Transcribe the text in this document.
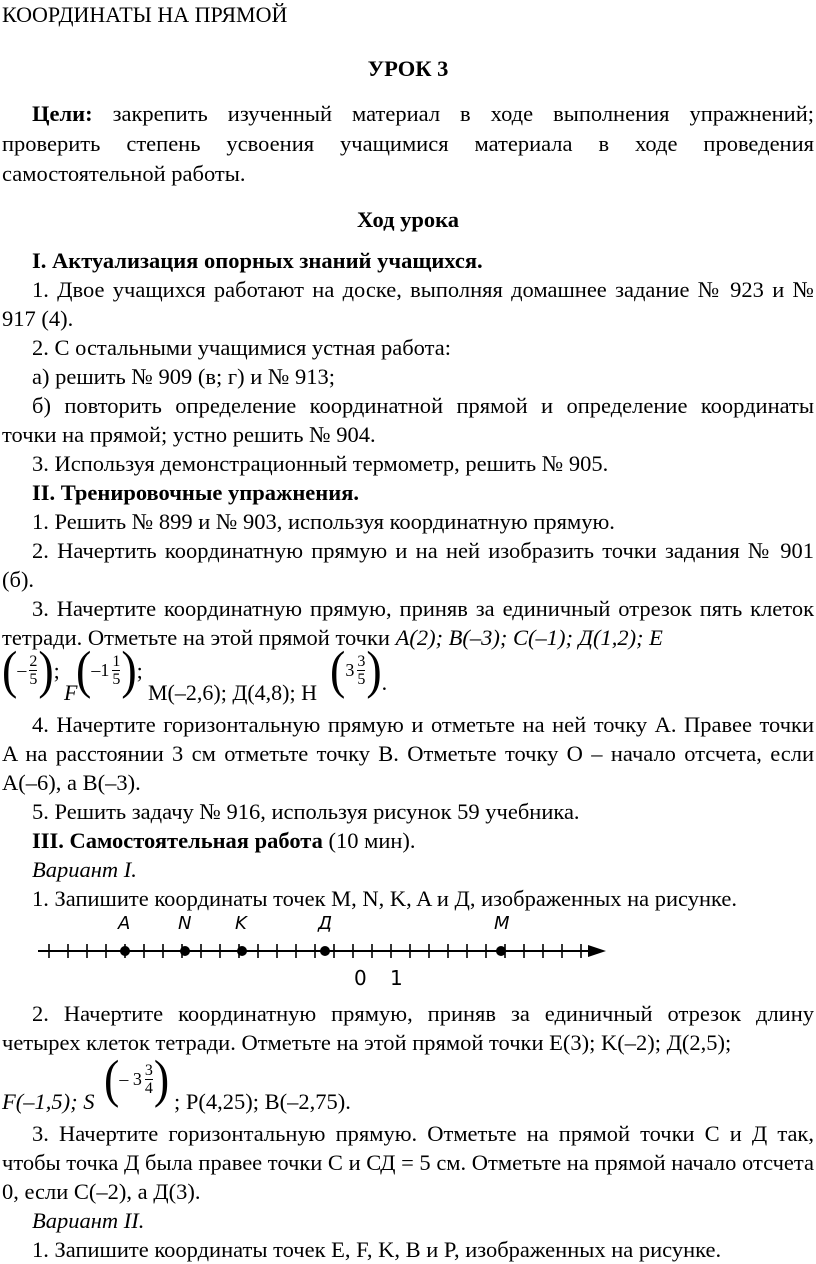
КООРДИНАТЫ НА ПРЯМОЙ

УРОК 3

Цели: закрепить изученный материал в ходе выполнения упражнений; проверить степень усвоения учащимися материала в ходе проведения самостоятельной работы.

Ход урока

I. Актуализация опорных знаний учащихся.

1. Двое учащихся работают на доске, выполняя домашнее задание № 923 и № 917 (4).

2. С остальными учащимися устная работа:

а) решить № 909 (в; г) и № 913;

б) повторить определение координатной прямой и определение координаты точки на прямой; устно решить № 904.

3. Используя демонстрационный термометр, решить № 905.

II. Тренировочные упражнения.

1. Решить № 899 и № 903, используя координатную прямую.

2. Начертить координатную прямую и на ней изобразить точки задания № 901 (б).

3. Начертите координатную прямую, приняв за единичный отрезок пять клеток тетради. Отметьте на этой прямой точки A(2); B(–3); C(–1); Д(1,2); E

( – $\frac{2}{5}$ ) ;
F
( $-1 \frac{1}{5}$ ) ;
M(–2,6); Д(4,8); Н ( $3 \frac{3}{5}$ ) .

4. Начертите горизонтальную прямую и отметьте на ней точку A. Правее точки A на расстоянии 3 см отметьте точку B. Отметьте точку O – начало отсчета, если A(–6), а B(–3).

5. Решить задачу № 916, используя рисунок 59 учебника.

III. Самостоятельная работа (10 мин).

Вариант I.

1. Запишите координаты точек M, N, K, A и Д, изображенных на рисунке.

A	N K	Д	M
0 1

2. Начертите координатную прямую, приняв за единичный отрезок длину четырех клеток тетради. Отметьте на этой прямой точки E(3); K(–2); Д(2,5);

F(–1,5); S ( – $3 \frac{3}{4}$ ) ; P(4,25); B(–2,75).

3. Начертите горизонтальную прямую. Отметьте на прямой точки С и Д так, чтобы точка Д была правее точки С и СД = 5 см. Отметьте на прямой начало отсчета 0, если С(–2), а Д(3).

Вариант II.

1. Запишите координаты точек E, F, K, B и P, изображенных на рисунке.
